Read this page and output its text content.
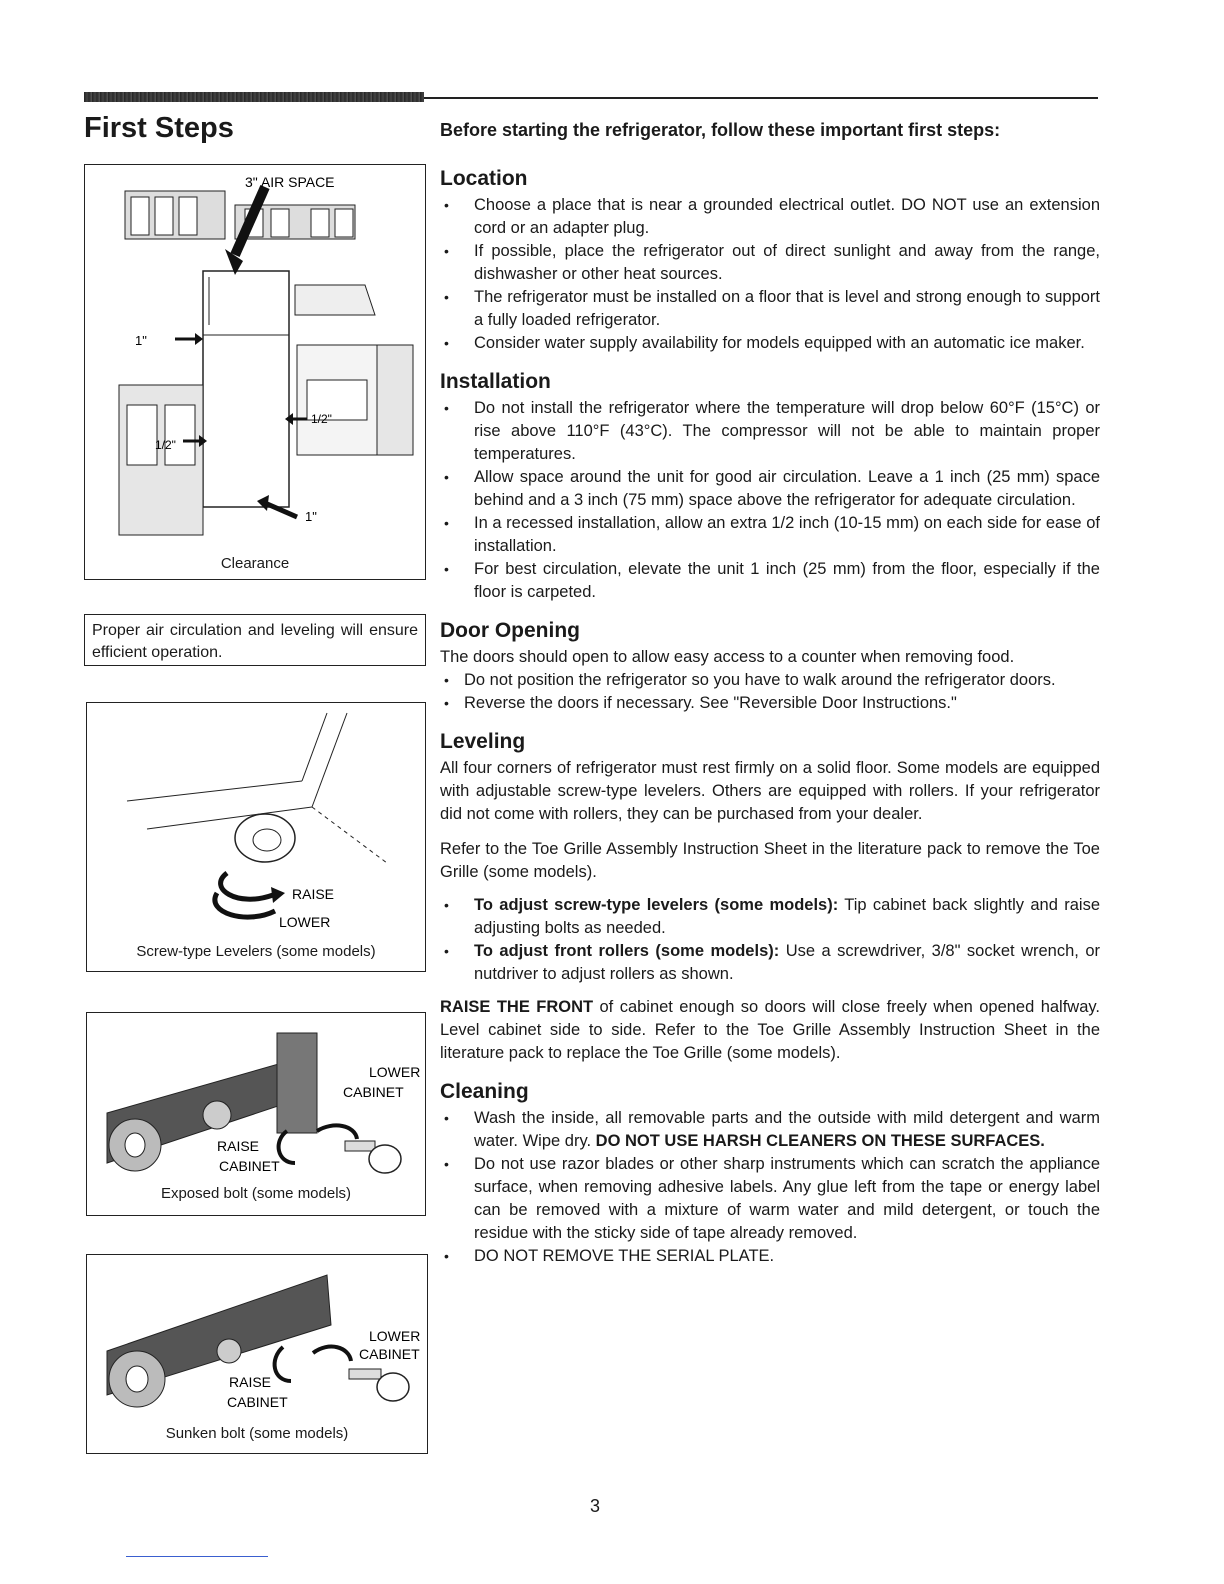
First Steps	Before starting the refrigerator, follow these important first steps:
3" AIR SPACE
1"
1/2"
1/2"
1"
Clearance
Proper air circulation and leveling will ensure efficient operation.
RAISE
LOWER
Screw-type Levelers (some models)
LOWER
CABINET
RAISE
CABINET
Exposed bolt (some models)
LOWER
CABINET
RAISE
CABINET
Sunken bolt (some models)
Location
• Choose a place that is near a grounded electrical outlet. DO NOT use an extension cord or an adapter plug.
• If possible, place the refrigerator out of direct sunlight and away from the range, dishwasher or other heat sources.
• The refrigerator must be installed on a floor that is level and strong enough to support a fully loaded refrigerator.
• Consider water supply availability for models equipped with an automatic ice maker.
Installation
• Do not install the refrigerator where the temperature will drop below 60°F (15°C) or rise above 110°F (43°C). The compressor will not be able to maintain proper temperatures.
• Allow space around the unit for good air circulation. Leave a 1 inch (25 mm) space behind and a 3 inch (75 mm) space above the refrigerator for adequate circulation.
• In a recessed installation, allow an extra 1/2 inch (10-15 mm) on each side for ease of installation.
• For best circulation, elevate the unit 1 inch (25 mm) from the floor, especially if the floor is carpeted.
Door Opening

The doors should open to allow easy access to a counter when removing food.

• Do not position the refrigerator so you have to walk around the refrigerator doors.
• Reverse the doors if necessary. See "Reversible Door Instructions."
Leveling

All four corners of refrigerator must rest firmly on a solid floor. Some models are equipped with adjustable screw-type levelers. Others are equipped with rollers. If your refrigerator did not come with rollers, they can be purchased from your dealer.

Refer to the Toe Grille Assembly Instruction Sheet in the literature pack to remove the Toe Grille (some models).

• To adjust screw-type levelers (some models): Tip cabinet back slightly and raise adjusting bolts as needed.
• To adjust front rollers (some models): Use a screwdriver, 3/8" socket wrench, or nutdriver to adjust rollers as shown.

RAISE THE FRONT of cabinet enough so doors will close freely when opened halfway. Level cabinet side to side. Refer to the Toe Grille Assembly Instruction Sheet in the literature pack to replace the Toe Grille (some models).

Cleaning
• Wash the inside, all removable parts and the outside with mild detergent and warm water. Wipe dry. DO NOT USE HARSH CLEANERS ON THESE SURFACES.
• Do not use razor blades or other sharp instruments which can scratch the appliance surface, when removing adhesive labels. Any glue left from the tape or energy label can be removed with a mixture of warm water and mild detergent, or touch the residue with the sticky side of tape already removed.
• DO NOT REMOVE THE SERIAL PLATE.
3
